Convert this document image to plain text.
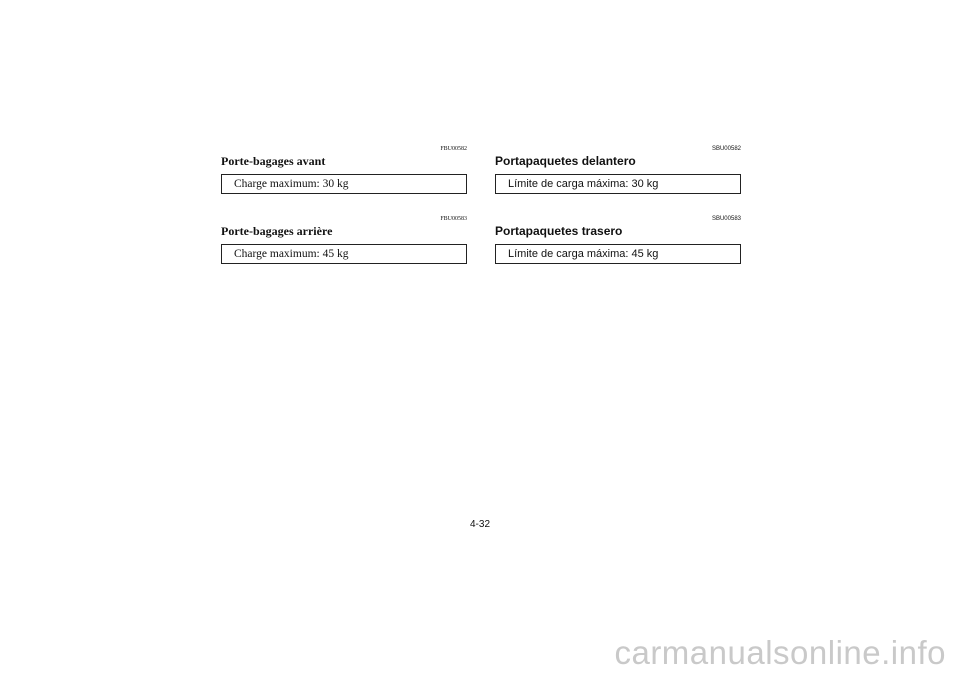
FBU00582
Porte-bagages avant
Charge maximum: 30 kg
FBU00583
Porte-bagages arrière
Charge maximum: 45 kg
SBU00582
Portapaquetes delantero
Límite de carga máxima: 30 kg
SBU00583
Portapaquetes trasero
Límite de carga máxima: 45 kg
4-32
carmanualsonline.info
